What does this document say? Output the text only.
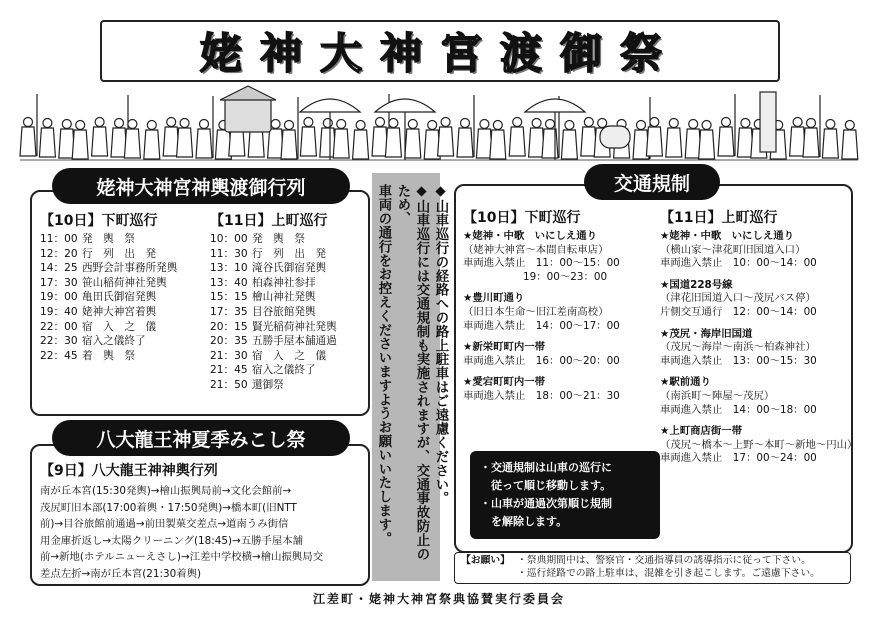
姥神大神宮渡御祭
姥神大神宮神輿渡御行列
【10日】下町巡行
11：00 発　輿　祭
12：20 行　列　出　発
14：25 西野会計事務所発輿
17：30 笹山稲荷神社発輿
19：00 亀田氏御宿発輿
19：40 姥神大神宮着輿
22：00 宿　入　之　儀
22：30 宿入之儀終了
22：45 着　輿　祭
【11日】上町巡行
10：00 発　輿　祭
11：30 行　列　出　発
13：10 滝谷氏御宿発輿
13：40 柏森神社参拝
15：15 檜山神社発輿
17：35 目谷旅館発輿
20：15 賢光稲荷神社発輿
20：35 五勝手屋本舗通過
21：30 宿　入　之　儀
21：45 宿入之儀終了
21：50 還御祭
八大龍王神夏季みこし祭
【9日】八大龍王神神輿行列
南が丘本宮(15:30発輿)→檜山振興局前→文化会館前→
茂尻町旧本部(17:00着輿・17:50発輿)→橋本町(旧NTT
前)→目谷旅館前通過→前田製菓交差点→道南うみ街信
用金庫折返し→太陽クリーニング(18:45)→五勝手屋本舗
前→新地(ホテルニューえさし)→江差中学校横→檜山振興局交
差点左折→南が丘本宮(21:30着輿)
◆山車巡行の経路への路上駐車はご遠慮ください。
◆山車巡行には交通規制も実施されますが、交通事故防止のため、
車両の通行をお控えくださいますようお願いいたします。
交通規制
【10日】下町巡行
★姥神・中歌　いにしえ通り
（姥神大神宮～本間自転車店）
車両進入禁止　11：00～15：00
19：00～23：00
★豊川町通り
（旧日本生命～旧江差南高校）
車両進入禁止　14：00～17：00
★新栄町町内一帯
車両進入禁止　16：00～20：00
★愛宕町町内一帯
車両進入禁止　18：00～21：30
【11日】上町巡行
★姥神・中歌　いにしえ通り
（横山家～津花町旧国道入口）
車両進入禁止　10：00～14：00
★国道228号線
（津花旧国道入口～茂尻バス停）
片側交互通行　12：00～14：00
★茂尻・海岸旧国道
（茂尻～海岸～南浜～柏森神社）
車両進入禁止　13：00～15：30
★駅前通り
（南浜町～陣屋～茂尻）
車両進入禁止　14：00～18：00
★上町商店街一帯
（茂尻～橋本～上野～本町～新地～円山）
車両進入禁止　17：00～24：00
・交通規制は山車の巡行に
　従って順じ移動します。
・山車が通過次第順じ規制
　を解除します。
【お願い】 ・祭典期間中は、警察官・交通指導員の誘導指示に従って下さい。
・巡行経路での路上駐車は、混雑を引き起こします。ご遠慮下さい。
江差町・姥神大神宮祭典協賛実行委員会
